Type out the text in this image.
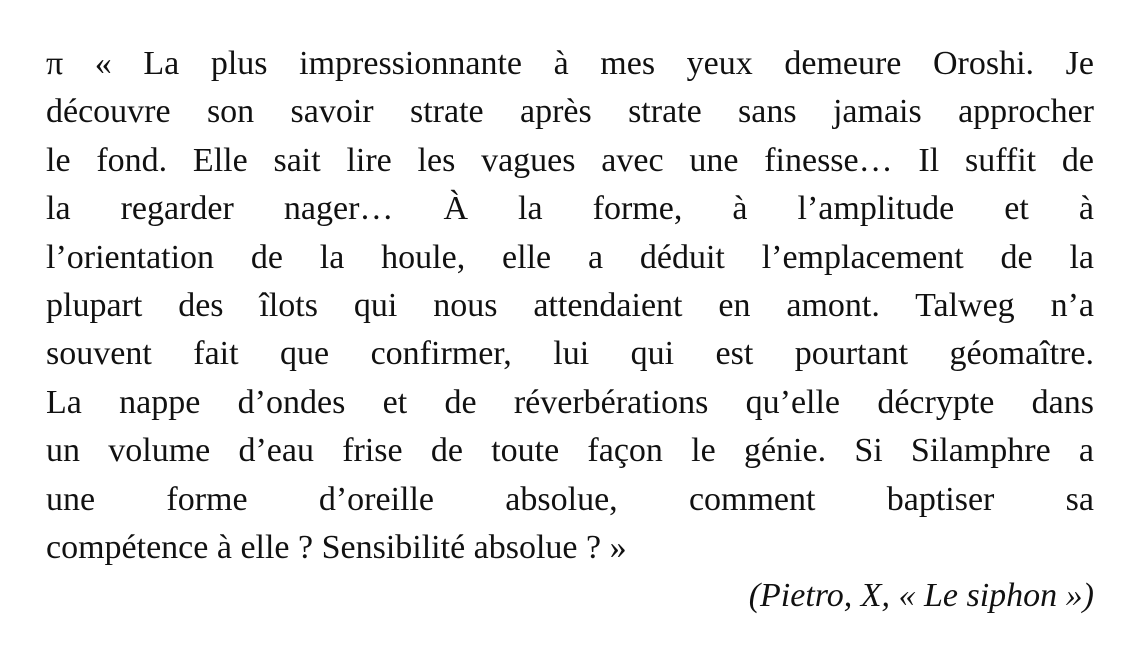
π « La plus impressionnante à mes yeux demeure Oroshi. Je
découvre son savoir strate après strate sans jamais approcher
le fond. Elle sait lire les vagues avec une finesse… Il suffit de
la regarder nager… À la forme, à l’amplitude et à
l’orientation de la houle, elle a déduit l’emplacement de la
plupart des îlots qui nous attendaient en amont. Talweg n’a
souvent fait que confirmer, lui qui est pourtant géomaître.
La nappe d’ondes et de réverbérations qu’elle décrypte dans
un volume d’eau frise de toute façon le génie. Si Silamphre a
une forme d’oreille absolue, comment baptiser sa
compétence à elle ? Sensibilité absolue ? »
(Pietro, X, « Le siphon »)
